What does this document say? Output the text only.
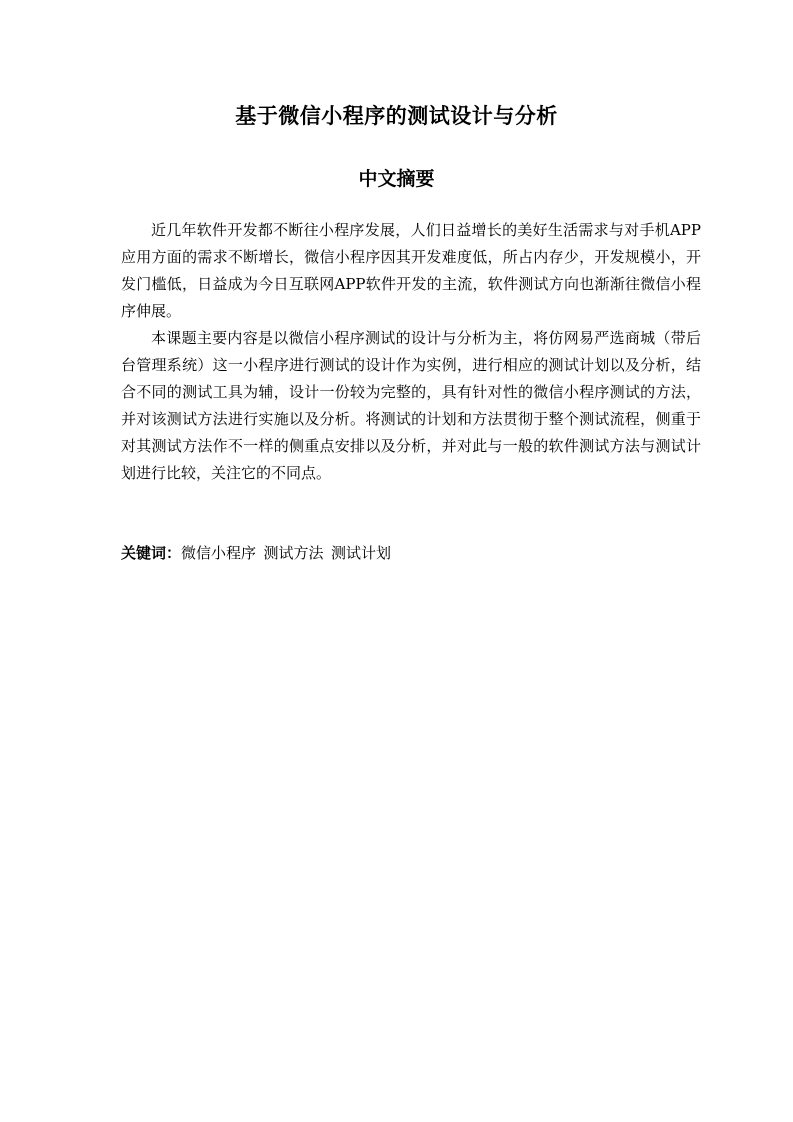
基于微信小程序的测试设计与分析
中文摘要

近几年软件开发都不断往小程序发展，人们日益增长的美好生活需求与对手机APP应用方面的需求不断增长，微信小程序因其开发难度低，所占内存少，开发规模小，开发门槛低，日益成为今日互联网APP软件开发的主流，软件测试方向也渐渐往微信小程序伸展。

本课题主要内容是以微信小程序测试的设计与分析为主，将仿网易严选商城（带后台管理系统）这一小程序进行测试的设计作为实例，进行相应的测试计划以及分析，结合不同的测试工具为辅，设计一份较为完整的，具有针对性的微信小程序测试的方法，并对该测试方法进行实施以及分析。将测试的计划和方法贯彻于整个测试流程，侧重于对其测试方法作不一样的侧重点安排以及分析，并对此与一般的软件测试方法与测试计划进行比较，关注它的不同点。

关键词：微信小程序 测试方法 测试计划
